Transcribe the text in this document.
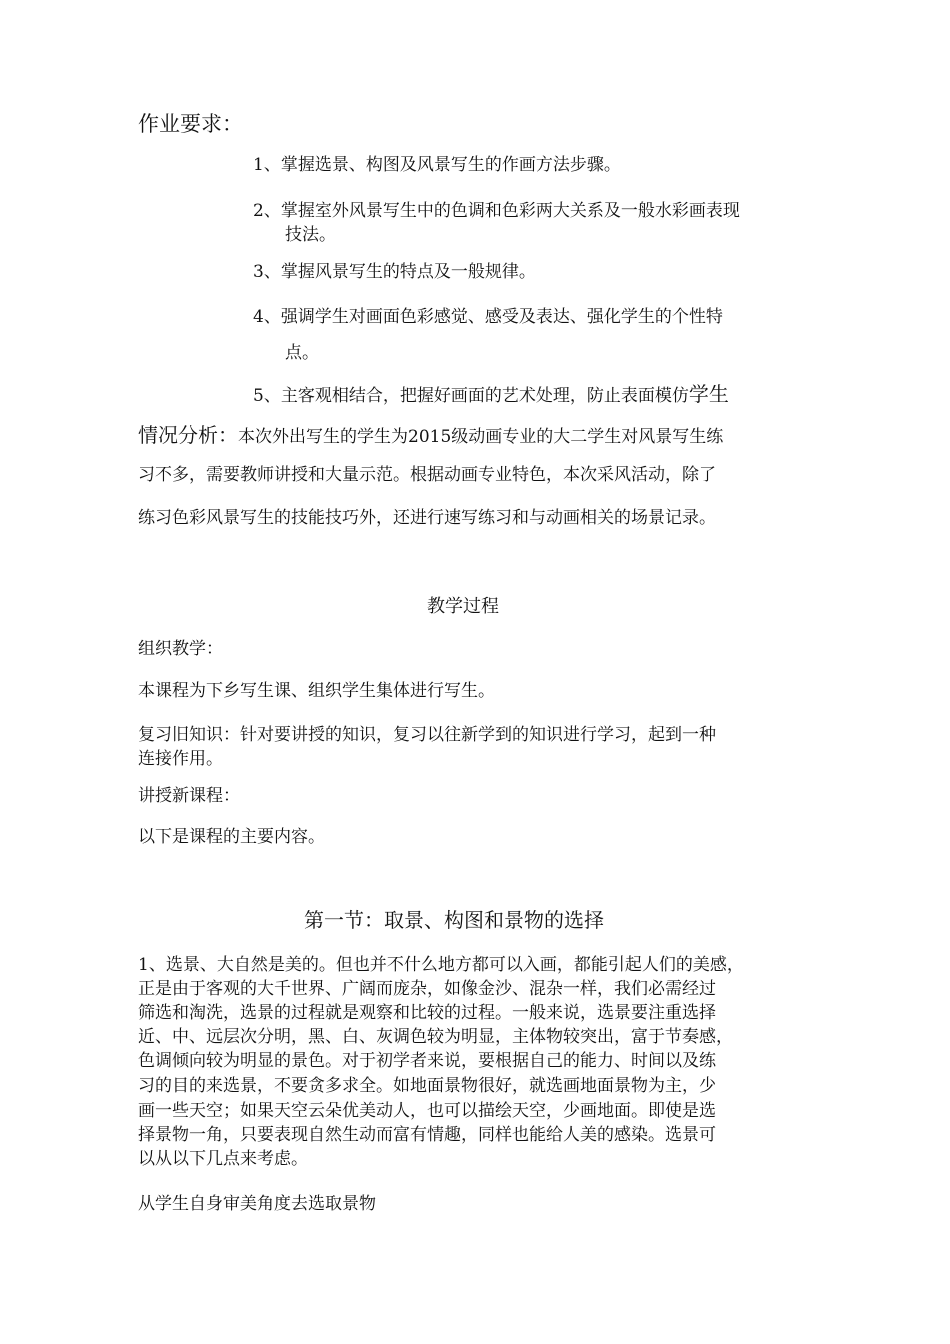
作业要求：
1、掌握选景、构图及风景写生的作画方法步骤。
2、掌握室外风景写生中的色调和色彩两大关系及一般水彩画表现
技法。
3、掌握风景写生的特点及一般规律。
4、强调学生对画面色彩感觉、感受及表达、强化学生的个性特
点。
5、主客观相结合，把握好画面的艺术处理，防止表面模仿学生
情况分析：本次外出写生的学生为2015级动画专业的大二学生对风景写生练
习不多，需要教师讲授和大量示范。根据动画专业特色，本次采风活动，除了
练习色彩风景写生的技能技巧外，还进行速写练习和与动画相关的场景记录。
教学过程
组织教学：
本课程为下乡写生课、组织学生集体进行写生。
复习旧知识：针对要讲授的知识，复习以往新学到的知识进行学习，起到一种
连接作用。
讲授新课程：
以下是课程的主要内容。
第一节：取景、构图和景物的选择
1、选景、大自然是美的。但也并不什么地方都可以入画，都能引起人们的美感，
正是由于客观的大千世界、广阔而庞杂，如像金沙、混杂一样，我们必需经过
筛选和淘洗，选景的过程就是观察和比较的过程。一般来说，选景要注重选择
近、中、远层次分明，黑、白、灰调色较为明显，主体物较突出，富于节奏感，
色调倾向较为明显的景色。对于初学者来说，要根据自己的能力、时间以及练
习的目的来选景，不要贪多求全。如地面景物很好，就选画地面景物为主，少
画一些天空；如果天空云朵优美动人，也可以描绘天空，少画地面。即使是选
择景物一角，只要表现自然生动而富有情趣，同样也能给人美的感染。选景可
以从以下几点来考虑。
从学生自身审美角度去选取景物
